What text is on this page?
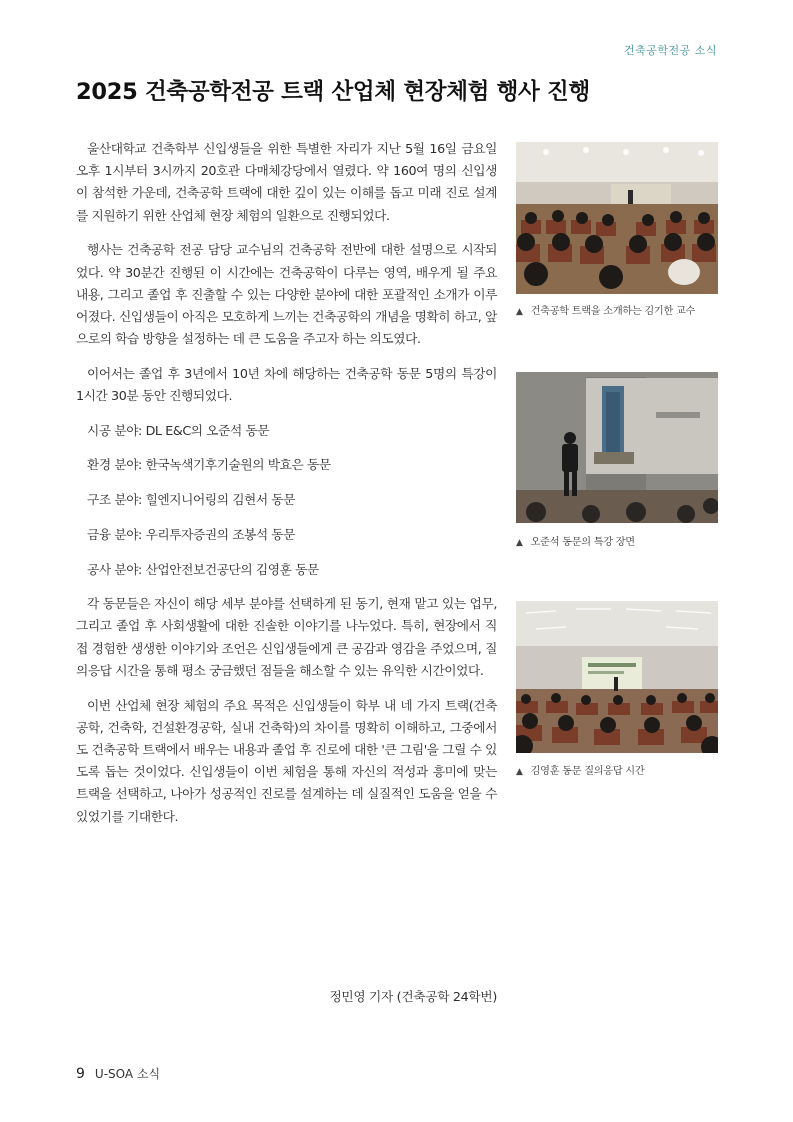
건축공학전공 소식
2025 건축공학전공 트랙 산업체 현장체험 행사 진행

울산대학교 건축학부 신입생들을 위한 특별한 자리가 지난 5월 16일 금요일 오후 1시부터 3시까지 20호관 다매체강당에서 열렸다. 약 160여 명의 신입생이 참석한 가운데, 건축공학 트랙에 대한 깊이 있는 이해를 돕고 미래 진로 설계를 지원하기 위한 산업체 현장 체험의 일환으로 진행되었다.

행사는 건축공학 전공 담당 교수님의 건축공학 전반에 대한 설명으로 시작되었다. 약 30분간 진행된 이 시간에는 건축공학이 다루는 영역, 배우게 될 주요 내용, 그리고 졸업 후 진출할 수 있는 다양한 분야에 대한 포괄적인 소개가 이루어졌다. 신입생들이 아직은 모호하게 느끼는 건축공학의 개념을 명확히 하고, 앞으로의 학습 방향을 설정하는 데 큰 도움을 주고자 하는 의도였다.

이어서는 졸업 후 3년에서 10년 차에 해당하는 건축공학 동문 5명의 특강이 1시간 30분 동안 진행되었다.

시공 분야: DL E&C의 오준석 동문

환경 분야: 한국녹색기후기술원의 박효은 동문

구조 분야: 힐엔지니어링의 김현서 동문

금융 분야: 우리투자증권의 조봉석 동문

공사 분야: 산업안전보건공단의 김영훈 동문

각 동문들은 자신이 해당 세부 분야를 선택하게 된 동기, 현재 맡고 있는 업무, 그리고 졸업 후 사회생활에 대한 진솔한 이야기를 나누었다. 특히, 현장에서 직접 경험한 생생한 이야기와 조언은 신입생들에게 큰 공감과 영감을 주었으며, 질의응답 시간을 통해 평소 궁금했던 점들을 해소할 수 있는 유익한 시간이었다.

이번 산업체 현장 체험의 주요 목적은 신입생들이 학부 내 네 가지 트랙(건축공학, 건축학, 건설환경공학, 실내 건축학)의 차이를 명확히 이해하고, 그중에서도 건축공학 트랙에서 배우는 내용과 졸업 후 진로에 대한 '큰 그림'을 그릴 수 있도록 돕는 것이었다. 신입생들이 이번 체험을 통해 자신의 적성과 흥미에 맞는 트랙을 선택하고, 나아가 성공적인 진로를 설계하는 데 실질적인 도움을 얻을 수 있었기를 기대한다.

정민영 기자 (건축공학 24학번)
▲ 건축공학 트랙을 소개하는 김기한 교수
▲ 오준석 동문의 특강 장면
▲ 김영훈 동문 질의응답 시간
9 U-SOA 소식
